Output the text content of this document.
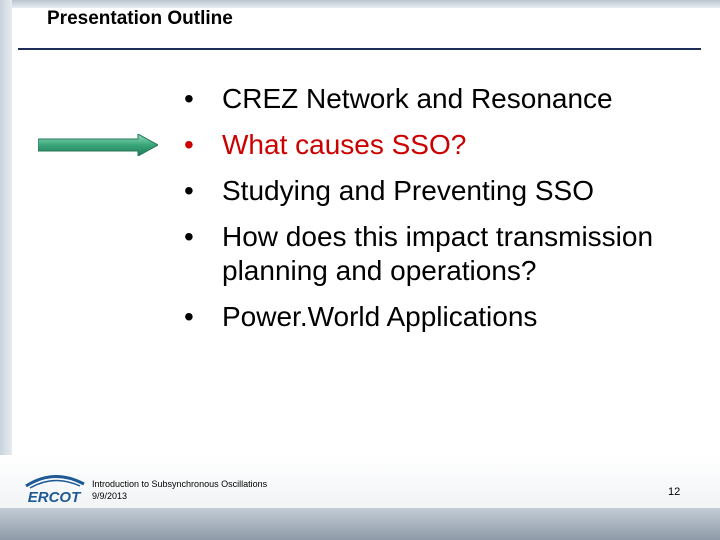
Presentation Outline
•	CREZ Network and Resonance
•	What causes SSO?
•	Studying and Preventing SSO
•	How does this impact transmission planning and operations?
•	Power.World Applications
ERCOT
Introduction to Subsynchronous Oscillations
9/9/2013	12
